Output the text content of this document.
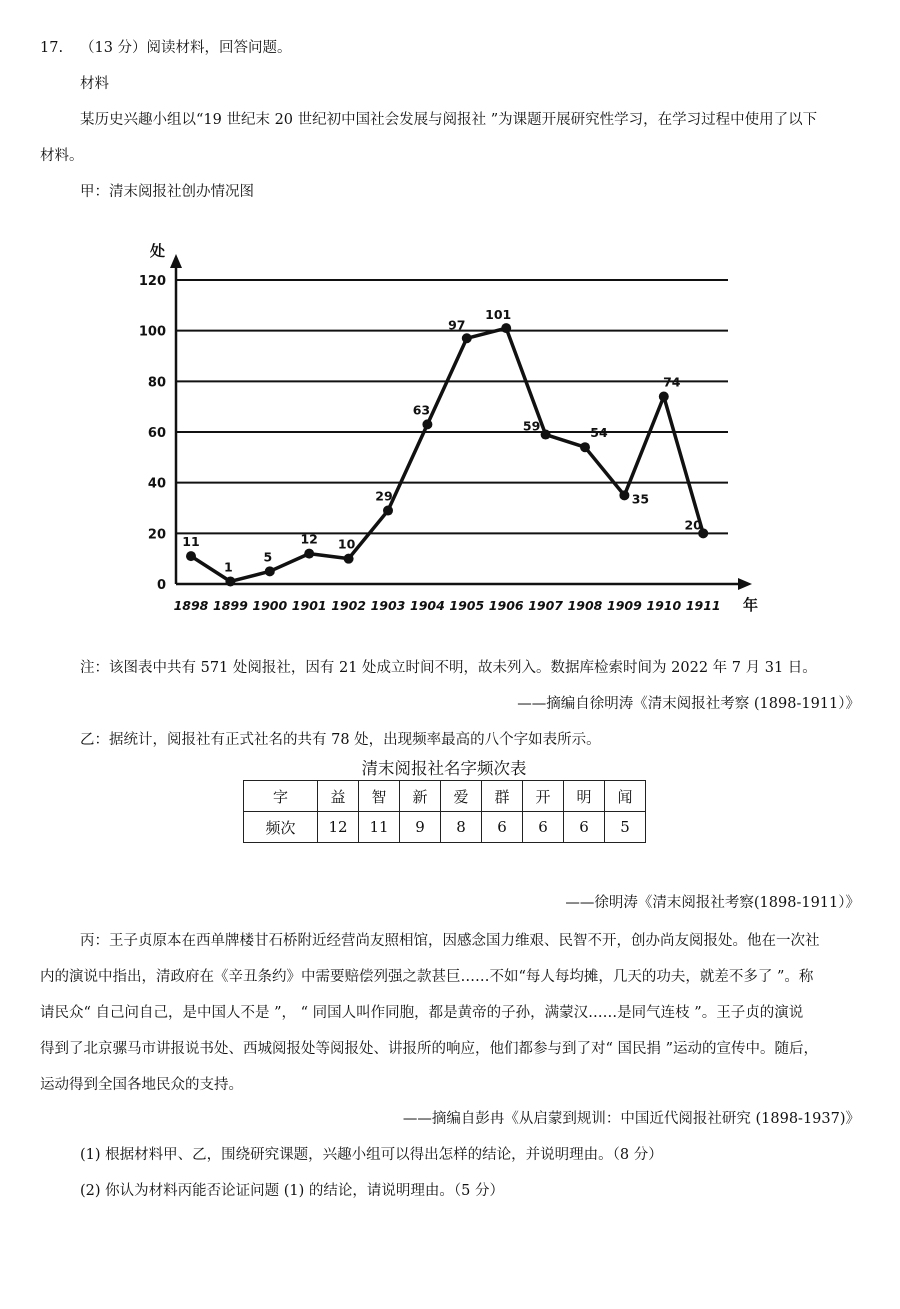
17. （13 分）阅读材料，回答问题。
材料
某历史兴趣小组以“19 世纪末 20 世纪初中国社会发展与阅报社 ”为课题开展研究性学习，在学习过程中使用了以下
材料。
甲：清末阅报社创办情况图
0
20
40
60
80
100
120
处
年
1898 1899 1900 1901 1902 1903 1904 1905 1906 1907 1908 1909 1910 1911
11
1
5
12 10
29
63
97
101
59	54
35
74
20
注：该图表中共有 571 处阅报社，因有 21 处成立时间不明，故未列入。数据库检索时间为 2022 年 7 月 31 日。
——摘编自徐明涛《清末阅报社考察 (1898-1911）》
乙：据统计，阅报社有正式社名的共有 78 处，出现频率最高的八个字如表所示。
清末阅报社名字频次表
字	益	智	新	爱	群	开	明	闻
频次	12	11	9	8	6	6	6	5
——徐明涛《清末阅报社考察(1898-1911）》
丙：王子贞原本在西单牌楼甘石桥附近经营尚友照相馆，因感念国力维艰、民智不开，创办尚友阅报处。他在一次社
内的演说中指出，清政府在《辛丑条约》中需要赔偿列强之款甚巨……不如“每人每均摊，几天的功夫，就差不多了 ”。称
请民众“ 自己问自己，是中国人不是 ”， “ 同国人叫作同胞，都是黄帝的子孙，满蒙汉……是同气连枝 ”。王子贞的演说
得到了北京骡马市讲报说书处、西城阅报处等阅报处、讲报所的响应，他们都参与到了对“ 国民捐 ”运动的宣传中。随后，
运动得到全国各地民众的支持。
——摘编自彭冉《从启蒙到规训：中国近代阅报社研究 (1898-1937)》
(1) 根据材料甲、乙，围绕研究课题，兴趣小组可以得出怎样的结论，并说明理由。（8 分）
(2) 你认为材料丙能否论证问题 (1) 的结论，请说明理由。（5 分）
